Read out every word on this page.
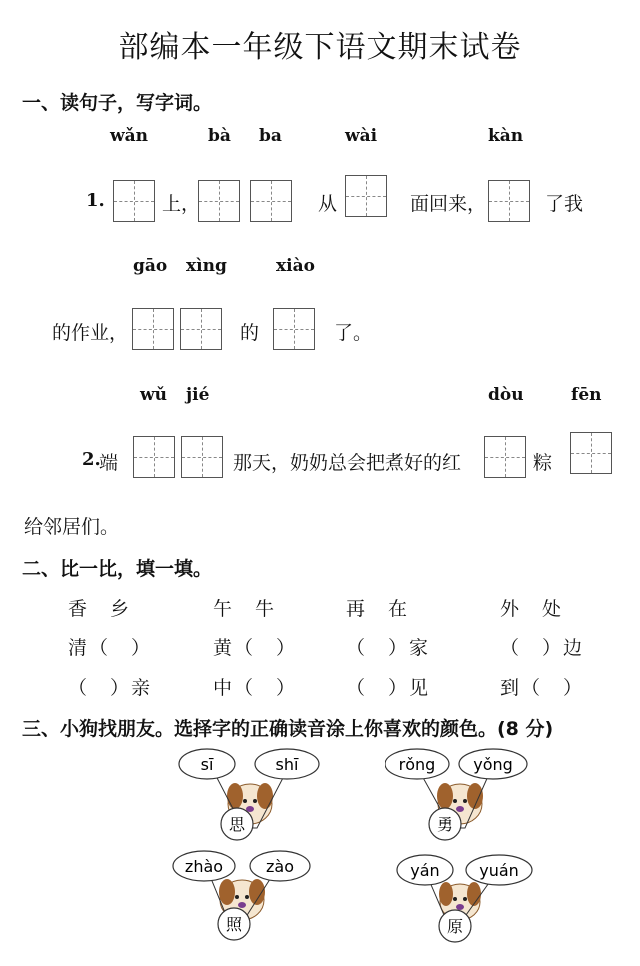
部编本一年级下语文期末试卷
一、读句子，写字词。
wǎn	bà ba	wài	kàn
1.	上，	从	面回来，	了我
gāo xìng	xiào
的作业，	的	了。
wǔ jié	dòu	fēn
2.
端	那天，奶奶总会把煮好的红	粽
给邻居们。
二、比一比，填一填。
香　乡	午　牛	再　在	外　处
清（　）	黄（　）	（　）家	（　）边
（　）亲	中（　）	（　）见	到（　）
三、小狗找朋友。选择字的正确读音涂上你喜欢的颜色。(8 分)
sī	shī
思
rǒng yǒng
勇
zhào	zào
照
yán yuán
原
